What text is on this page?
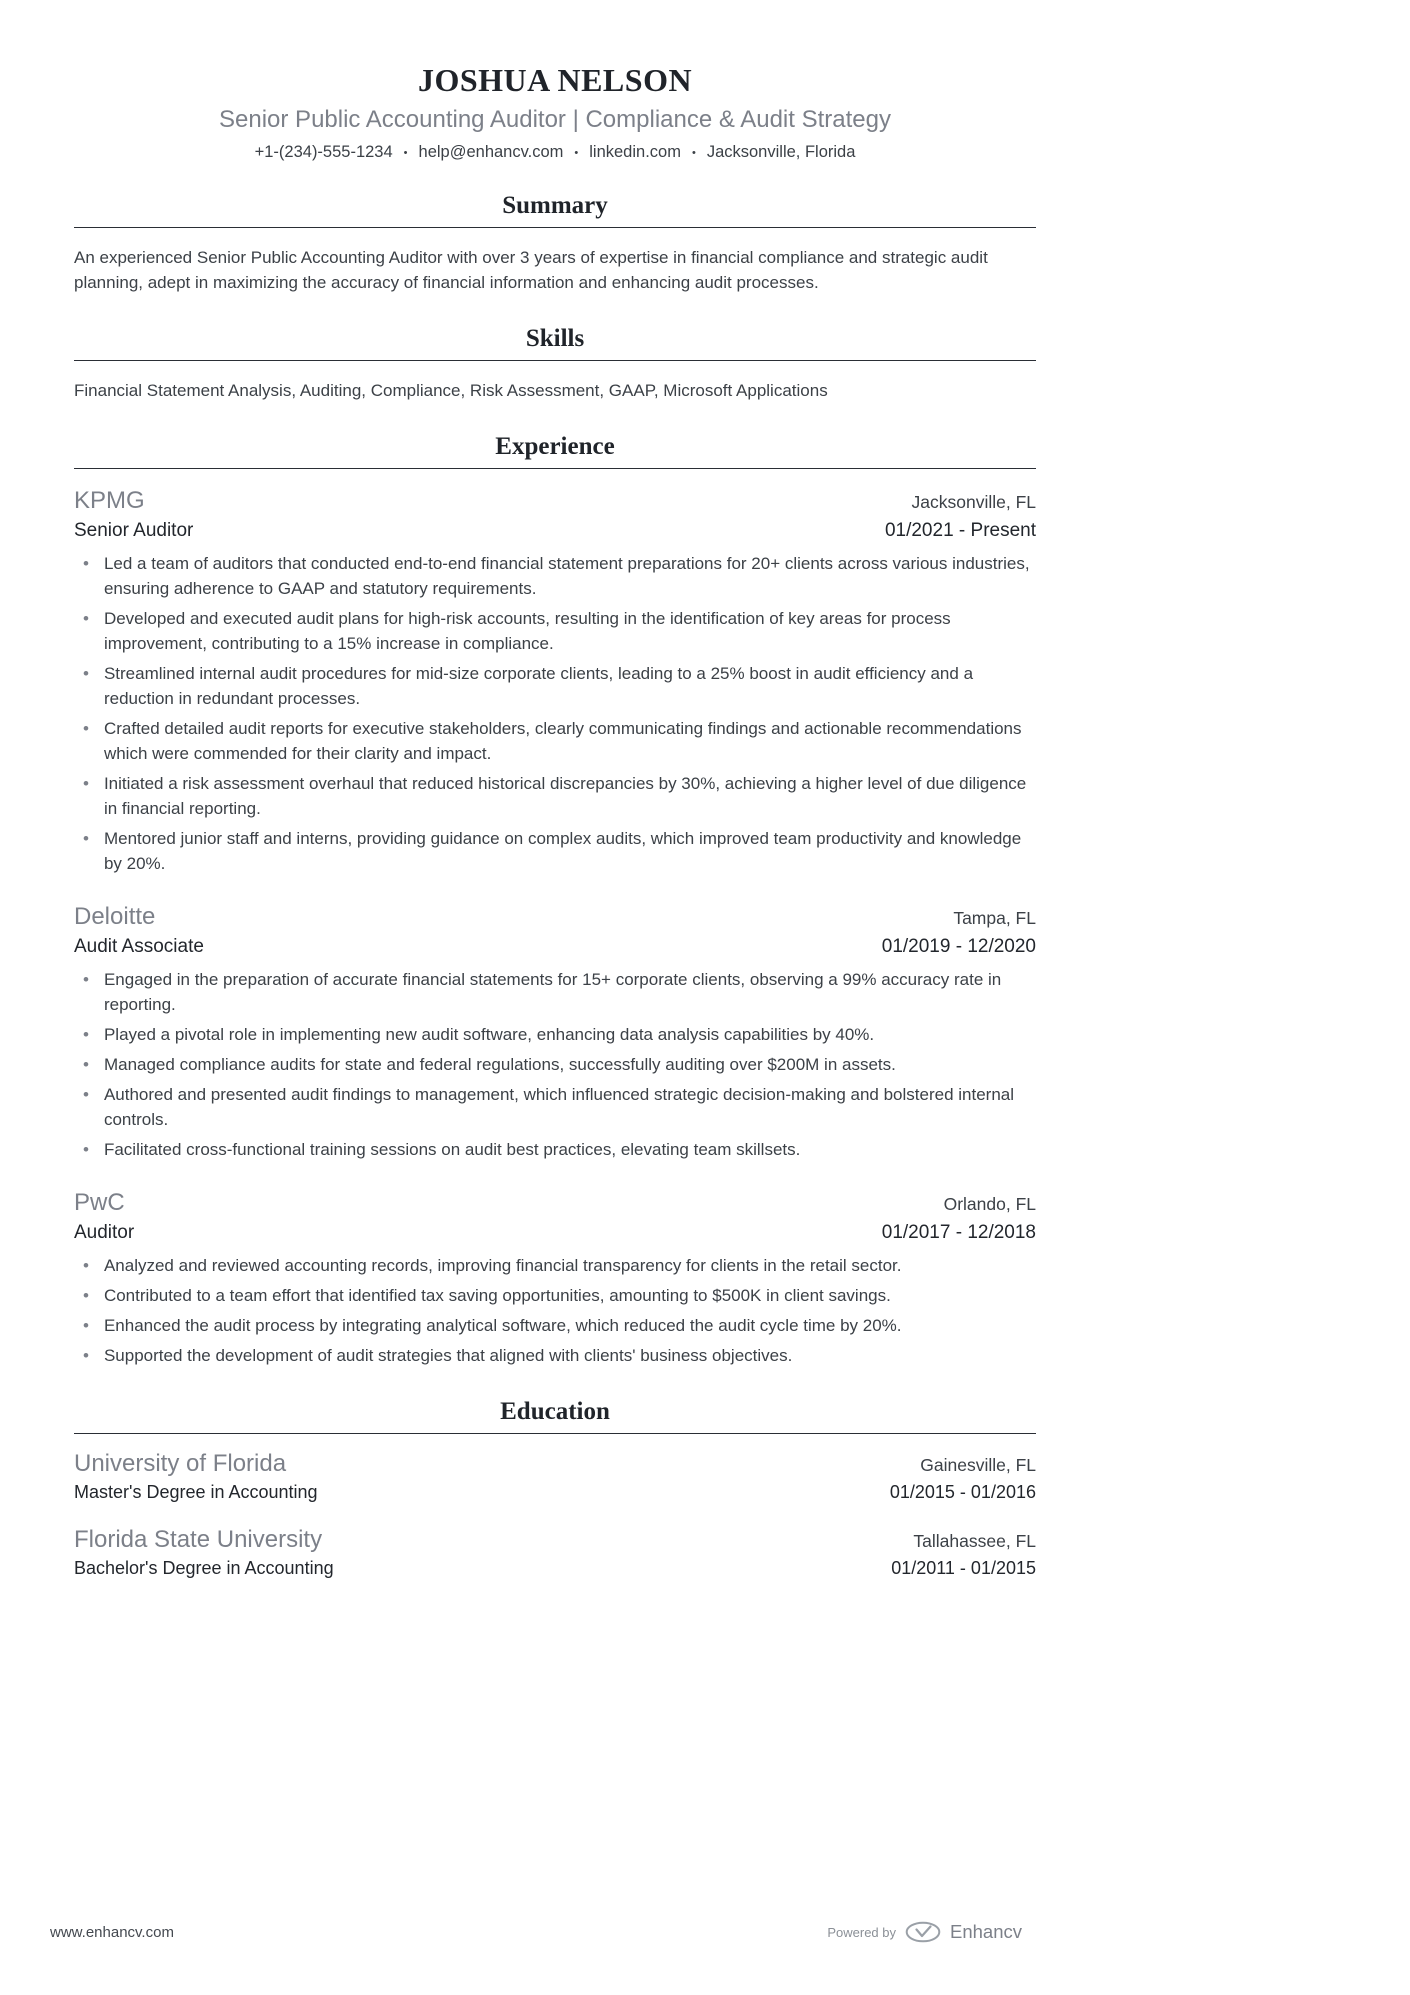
JOSHUA NELSON
Senior Public Accounting Auditor | Compliance & Audit Strategy
+1-(234)-555-1234 • help@enhancv.com • linkedin.com • Jacksonville, Florida
Summary

An experienced Senior Public Accounting Auditor with over 3 years of expertise in financial compliance and strategic audit planning, adept in maximizing the accuracy of financial information and enhancing audit processes.

Skills

Financial Statement Analysis, Auditing, Compliance, Risk Assessment, GAAP, Microsoft Applications

Experience
KPMG	Jacksonville, FL
Senior Auditor	01/2021 - Present
• Led a team of auditors that conducted end-to-end financial statement preparations for 20+ clients across various industries, ensuring adherence to GAAP and statutory requirements.
• Developed and executed audit plans for high-risk accounts, resulting in the identification of key areas for process improvement, contributing to a 15% increase in compliance.
• Streamlined internal audit procedures for mid-size corporate clients, leading to a 25% boost in audit efficiency and a reduction in redundant processes.
• Crafted detailed audit reports for executive stakeholders, clearly communicating findings and actionable recommendations which were commended for their clarity and impact.
• Initiated a risk assessment overhaul that reduced historical discrepancies by 30%, achieving a higher level of due diligence in financial reporting.
• Mentored junior staff and interns, providing guidance on complex audits, which improved team productivity and knowledge by 20%.
Deloitte	Tampa, FL
Audit Associate	01/2019 - 12/2020
• Engaged in the preparation of accurate financial statements for 15+ corporate clients, observing a 99% accuracy rate in reporting.
• Played a pivotal role in implementing new audit software, enhancing data analysis capabilities by 40%.
• Managed compliance audits for state and federal regulations, successfully auditing over $200M in assets.
• Authored and presented audit findings to management, which influenced strategic decision-making and bolstered internal controls.
• Facilitated cross-functional training sessions on audit best practices, elevating team skillsets.
PwC	Orlando, FL
Auditor	01/2017 - 12/2018
• Analyzed and reviewed accounting records, improving financial transparency for clients in the retail sector.
• Contributed to a team effort that identified tax saving opportunities, amounting to $500K in client savings.
• Enhanced the audit process by integrating analytical software, which reduced the audit cycle time by 20%.
• Supported the development of audit strategies that aligned with clients' business objectives.
Education
University of Florida	Gainesville, FL
Master's Degree in Accounting	01/2015 - 01/2016
Florida State University	Tallahassee, FL
Bachelor's Degree in Accounting	01/2011 - 01/2015
www.enhancv.com	Powered by	Enhancv
